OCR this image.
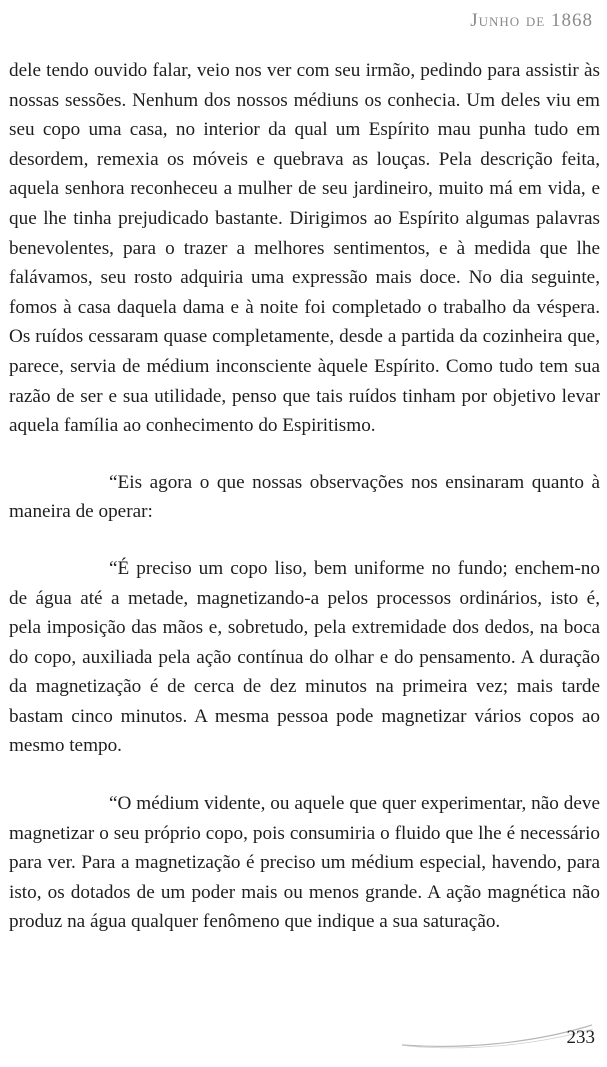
Junho de 1868

dele tendo ouvido falar, veio nos ver com seu irmão, pedindo para assistir às nossas sessões. Nenhum dos nossos médiuns os conhecia. Um deles viu em seu copo uma casa, no interior da qual um Espírito mau punha tudo em desordem, remexia os móveis e quebrava as louças. Pela descrição feita, aquela senhora reconheceu a mulher de seu jardineiro, muito má em vida, e que lhe tinha prejudicado bastante. Dirigimos ao Espírito algumas palavras benevolentes, para o trazer a melhores sentimentos, e à medida que lhe falávamos, seu rosto adquiria uma expressão mais doce. No dia seguinte, fomos à casa daquela dama e à noite foi completado o trabalho da véspera. Os ruídos cessaram quase completamente, desde a partida da cozinheira que, parece, servia de médium inconsciente àquele Espírito. Como tudo tem sua razão de ser e sua utilidade, penso que tais ruídos tinham por objetivo levar aquela família ao conhecimento do Espiritismo.

“Eis agora o que nossas observações nos ensinaram quanto à maneira de operar:

“É preciso um copo liso, bem uniforme no fundo; enchem-no de água até a metade, magnetizando-a pelos processos ordinários, isto é, pela imposição das mãos e, sobretudo, pela extremidade dos dedos, na boca do copo, auxiliada pela ação contínua do olhar e do pensamento. A duração da magnetização é de cerca de dez minutos na primeira vez; mais tarde bastam cinco minutos. A mesma pessoa pode magnetizar vários copos ao mesmo tempo.

“O médium vidente, ou aquele que quer experimentar, não deve magnetizar o seu próprio copo, pois consumiria o fluido que lhe é necessário para ver. Para a magnetização é preciso um médium especial, havendo, para isto, os dotados de um poder mais ou menos grande. A ação magnética não produz na água qualquer fenômeno que indique a sua saturação.

233
